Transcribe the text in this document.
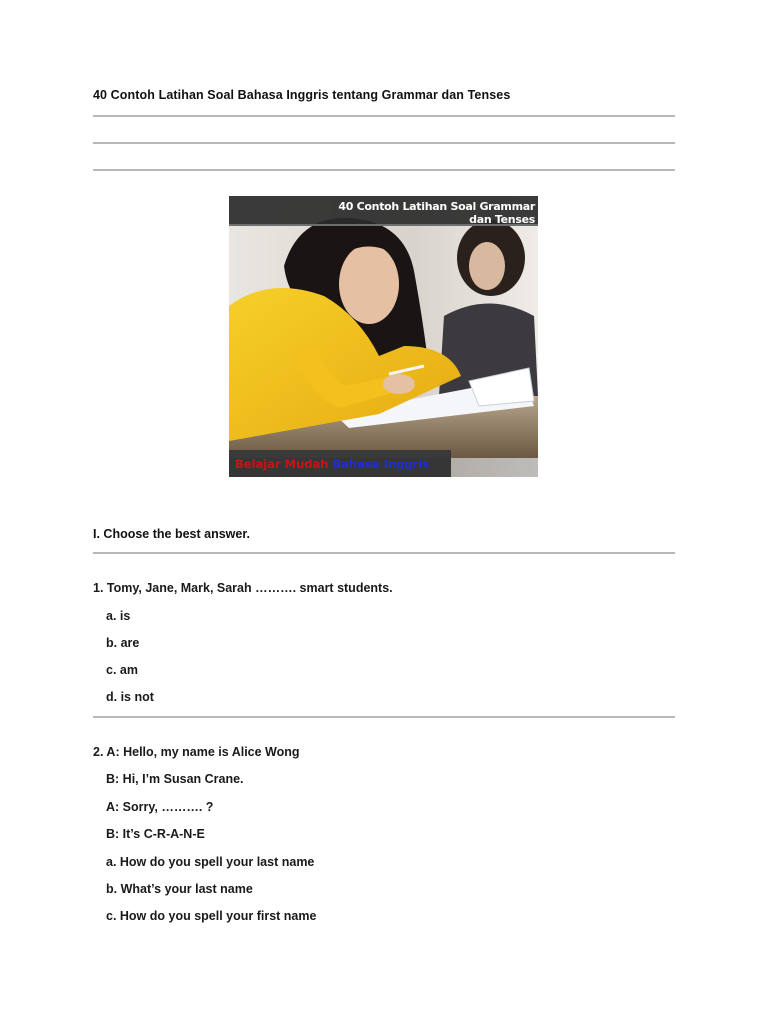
40 Contoh Latihan Soal Bahasa Inggris tentang Grammar dan Tenses
40 Contoh Latihan Soal Grammar dan Tenses
Belajar Mudah Bahasa Inggris
I. Choose the best answer.
1. Tomy, Jane, Mark, Sarah ………. smart students.
a. is
b. are
c. am
d. is not
2. A: Hello, my name is Alice Wong
B: Hi, I’m Susan Crane.
A: Sorry, ………. ?
B: It’s C-R-A-N-E
a. How do you spell your last name
b. What’s your last name
c. How do you spell your first name
